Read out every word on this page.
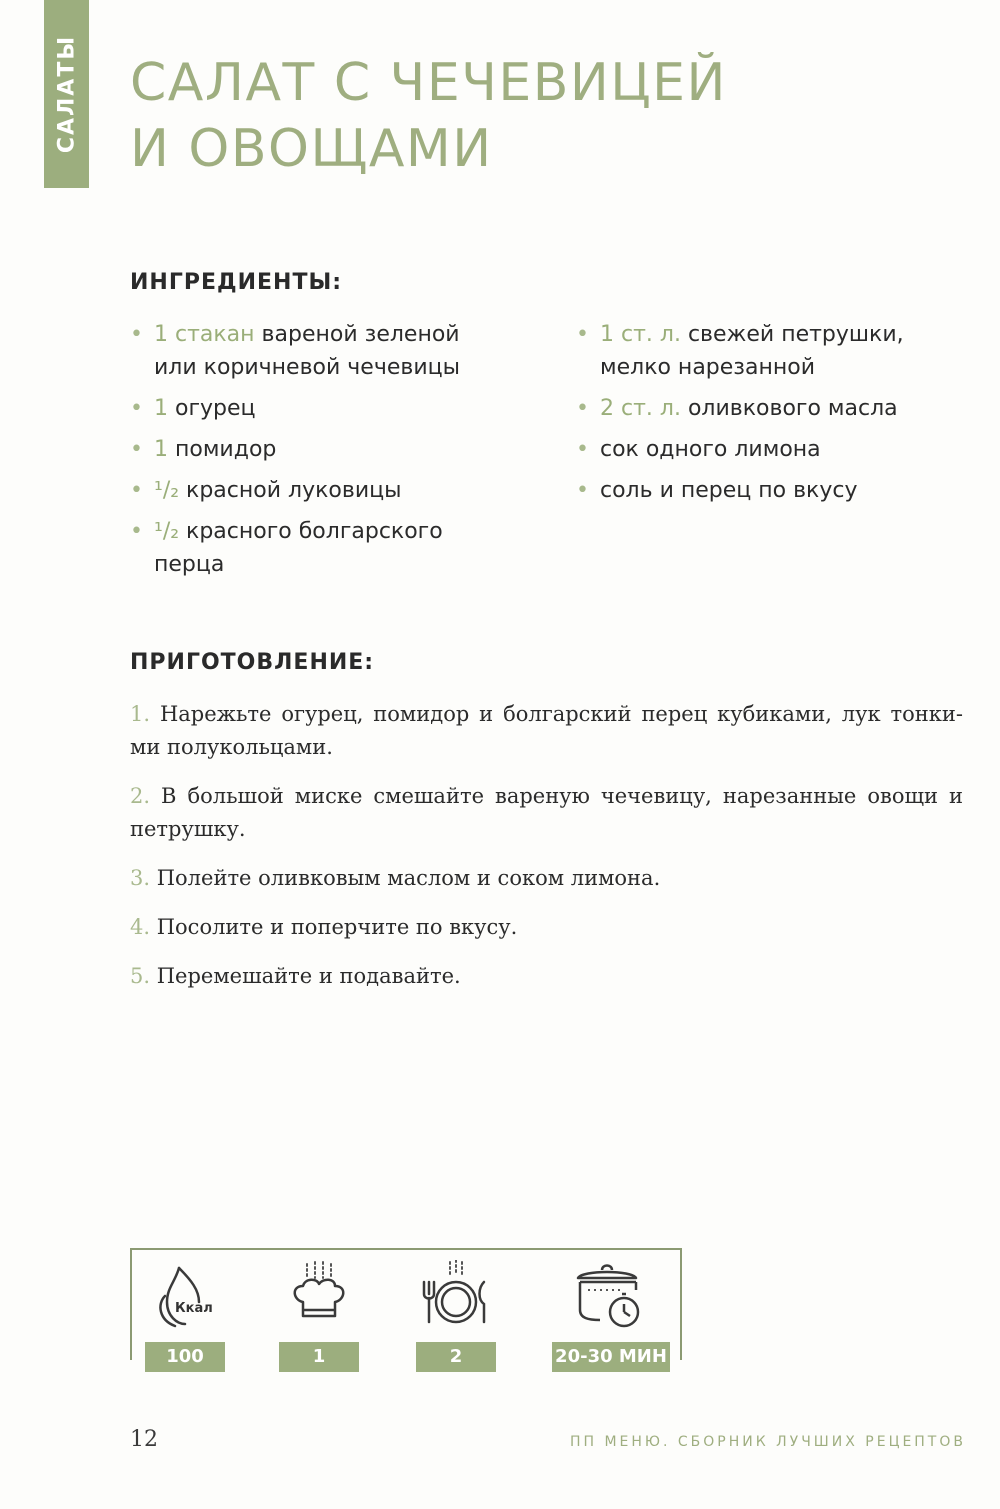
САЛАТЫ САЛАТ С ЧЕЧЕВИЦЕЙ
И ОВОЩАМИ
ИНГРЕДИЕНТЫ:
• 1 стакан вареной зеленой или коричневой чечевицы
• 1 огурец
• 1 помидор
• ¹/₂ красной луковицы
• ¹/₂ красного болгарского перца
• 1 ст. л. свежей петрушки, мелко нарезанной
• 2 ст. л. оливкового масла
• сок одного лимона
• соль и перец по вкусу
ПРИГОТОВЛЕНИЕ:

1. Нарежьте огурец, помидор и болгарский перец кубиками, лук тонки-ми полукольцами.

2. В большой миске смешайте вареную чечевицу, нарезанные овощи и петрушку.

3. Полейте оливковым маслом и соком лимона.

4. Посолите и поперчите по вкусу.

5. Перемешайте и подавайте.

Ккал
100	1	2	20-30 МИН
12	ПП МЕНЮ. СБОРНИК ЛУЧШИХ РЕЦЕПТОВ
